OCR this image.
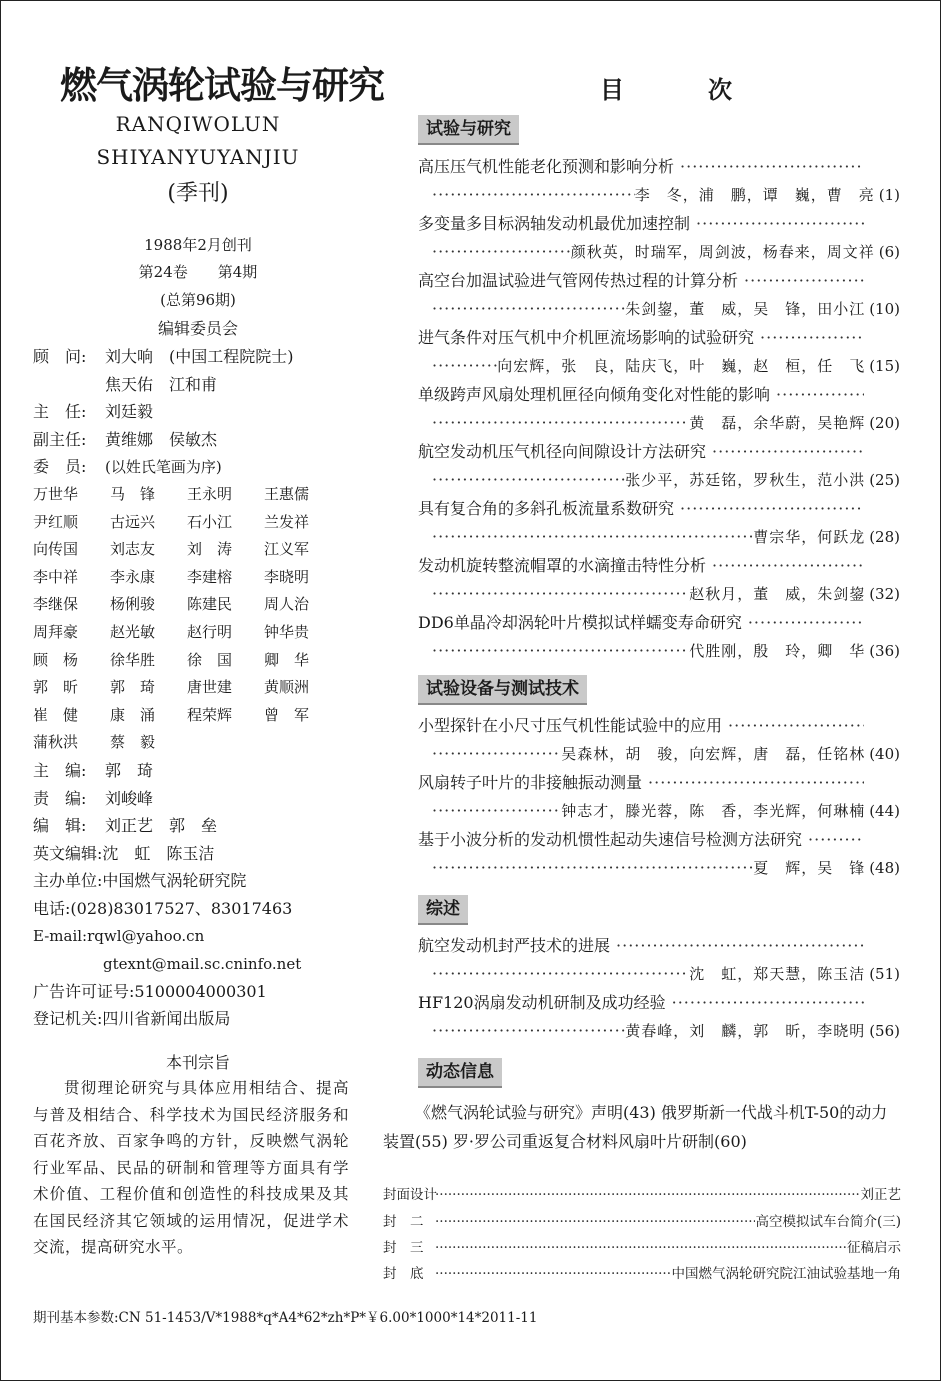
燃气涡轮试验与研究
RANQIWOLUN
SHIYANYUYANJIU
(季刊)
1988年2月创刊
第24卷　　第4期
(总第96期)
编辑委员会
顾　问: 刘大响　(中国工程院院士)
焦天佑　江和甫
主　任: 刘廷毅
副主任: 黄维娜　侯敏杰
委　员: (以姓氏笔画为序)
万世华 马　锋 王永明 王惠儒
尹红顺 古远兴 石小江 兰发祥
向传国 刘志友 刘　涛 江义军
李中祥 李永康 李建榕 李晓明
李继保 杨俐骏 陈建民 周人治
周拜豪 赵光敏 赵行明 钟华贵
顾　杨 徐华胜 徐　国 卿　华
郭　昕 郭　琦 唐世建 黄顺洲
崔　健 康　涌 程荣辉 曾　军
蒲秋洪 蔡　毅
主　编: 郭　琦
责　编: 刘峻峰
编　辑: 刘正艺　郭　垒
英文编辑:沈　虹　陈玉洁
主办单位:中国燃气涡轮研究院
电话:(028)83017527、83017463
E-mail:rqwl@yahoo.cn
gtexnt@mail.sc.cninfo.net
广告许可证号:5100004000301
登记机关:四川省新闻出版局
本刊宗旨
贯彻理论研究与具体应用相结合、提高与普及相结合、科学技术为国民经济服务和百花齐放、百家争鸣的方针，反映燃气涡轮行业军品、民品的研制和管理等方面具有学术价值、工程价值和创造性的科技成果及其在国民经济其它领域的运用情况，促进学术交流，提高研究水平。
目　次
试验与研究
高压压气机性能老化预测和影响分析
·····
·····
李　冬，浦　鹏，谭　巍，曹　亮 (1)
多变量多目标涡轴发动机最优加速控制
·····
·····
颜秋英，时瑞军，周剑波，杨春来，周文祥 (6)
高空台加温试验进气管网传热过程的计算分析
·····
·····
朱剑鋆，董　威，吴　锋，田小江 (10)
进气条件对压气机中介机匣流场影响的试验研究
·····
·····
向宏辉，张　良，陆庆飞，叶　巍，赵　桓，任　飞 (15)
单级跨声风扇处理机匣径向倾角变化对性能的影响
·····
·····
黄　磊，余华蔚，吴艳辉 (20)
航空发动机压气机径向间隙设计方法研究
·····
·····
张少平，苏廷铭，罗秋生，范小洪 (25)
具有复合角的多斜孔板流量系数研究
·····
·····
曹宗华，何跃龙 (28)
发动机旋转整流帽罩的水滴撞击特性分析
·····
·····
赵秋月，董　威，朱剑鋆 (32)
DD6单晶冷却涡轮叶片模拟试样蠕变寿命研究
·····
·····
代胜刚，殷　玲，卿　华 (36)
试验设备与测试技术
小型探针在小尺寸压气机性能试验中的应用
·····
·····
吴森林，胡　骏，向宏辉，唐　磊，任铭林 (40)
风扇转子叶片的非接触振动测量
·····
·····
钟志才，滕光蓉，陈　香，李光辉，何琳楠 (44)
基于小波分析的发动机惯性起动失速信号检测方法研究
·····
·····
夏　辉，吴　锋 (48)
综述
航空发动机封严技术的进展
·····
·····
沈　虹，郑天慧，陈玉洁 (51)
HF120涡扇发动机研制及成功经验
·····
·····
黄春峰，刘　麟，郭　昕，李晓明 (56)
动态信息
《燃气涡轮试验与研究》声明(43) 俄罗斯新一代战斗机T-50的动力装置(55) 罗·罗公司重返复合材料风扇叶片研制(60)
封面设计 ·····	刘正艺
封　二 ·····	高空模拟试车台简介(三)
封　三 ·····	征稿启示
封　底 ·····	中国燃气涡轮研究院江油试验基地一角
期刊基本参数:CN 51-1453/V*1988*q*A4*62*zh*P*￥6.00*1000*14*2011-11
